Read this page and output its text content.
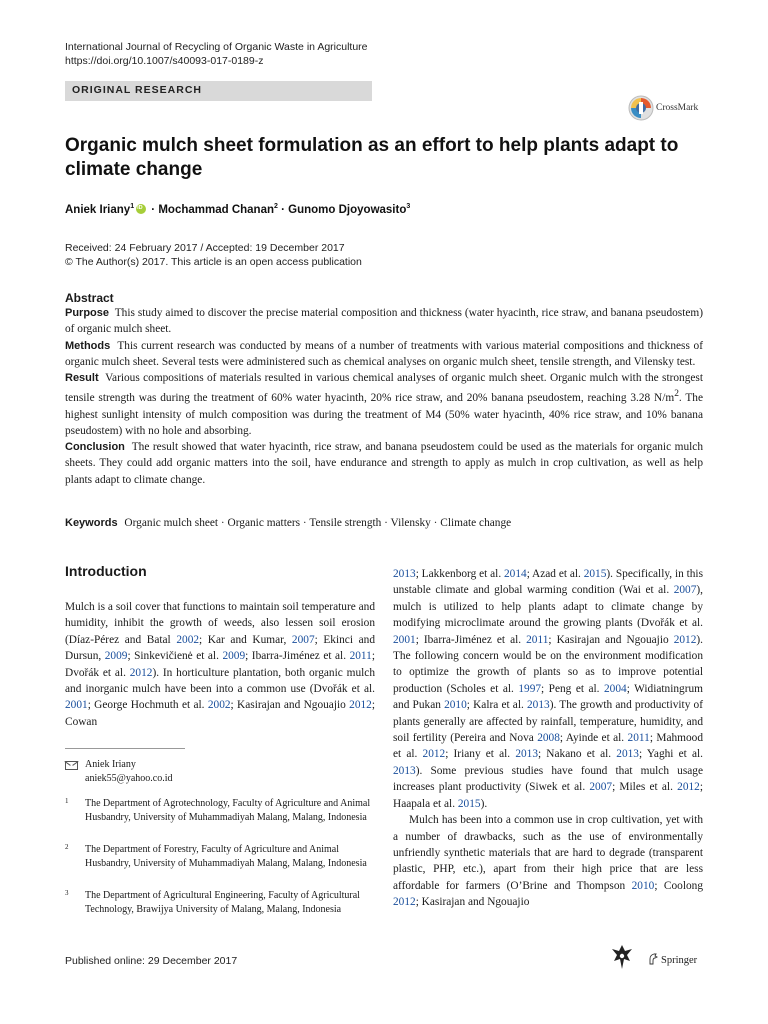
International Journal of Recycling of Organic Waste in Agriculture
https://doi.org/10.1007/s40093-017-0189-z
ORIGINAL RESEARCH
CrossMark
Organic mulch sheet formulation as an effort to help plants adapt to climate change
Aniek Iriany$^1$iD · Mochammad Chanan$^2$ · Gunomo Djoyowasito$^3$
Received: 24 February 2017 / Accepted: 19 December 2017
© The Author(s) 2017. This article is an open access publication
Abstract

Purpose This study aimed to discover the precise material composition and thickness (water hyacinth, rice straw, and banana pseudostem) of organic mulch sheet.

Methods This current research was conducted by means of a number of treatments with various material compositions and thickness of organic mulch sheet. Several tests were administered such as chemical analyses on organic mulch sheet, tensile strength, and Vilensky test.

Result Various compositions of materials resulted in various chemical analyses of organic mulch sheet. Organic mulch with the strongest tensile strength was during the treatment of 60% water hyacinth, 20% rice straw, and 20% banana pseudostem, reaching 3.28 $N/m^2$. The highest sunlight intensity of mulch composition was during the treatment of M4 (50% water hyacinth, 40% rice straw, and 10% banana pseudostem) with no hole and absorbing.

Conclusion The result showed that water hyacinth, rice straw, and banana pseudostem could be used as the materials for organic mulch sheets. They could add organic matters into the soil, have endurance and strength to apply as mulch in crop cultivation, as well as help plants adapt to climate change.

Keywords Organic mulch sheet · Organic matters · Tensile strength · Vilensky · Climate change
Introduction
Mulch is a soil cover that functions to maintain soil temperature and humidity, inhibit the growth of weeds, also lessen soil erosion (Díaz-Pérez and Batal 2002; Kar and Kumar, 2007; Ekinci and Dursun, 2009; Sinkevičienė et al. 2009; Ibarra-Jiménez et al. 2011; Dvořák et al. 2012). In horticulture plantation, both organic mulch and inorganic mulch have been into a common use (Dvořák et al. 2001; George Hochmuth et al. 2002; Kasirajan and Ngouajio 2012; Cowan
Aniek Iriany
aniek55@yahoo.co.id
1 The Department of Agrotechnology, Faculty of Agriculture and Animal Husbandry, University of Muhammadiyah Malang, Malang, Indonesia
2 The Department of Forestry, Faculty of Agriculture and Animal Husbandry, University of Muhammadiyah Malang, Malang, Indonesia
3 The Department of Agricultural Engineering, Faculty of Agricultural Technology, Brawijya University of Malang, Malang, Indonesia

2013; Lakkenborg et al. 2014; Azad et al. 2015). Specifically, in this unstable climate and global warming condition (Wai et al. 2007), mulch is utilized to help plants adapt to climate change by modifying microclimate around the growing plants (Dvořák et al. 2001; Ibarra-Jiménez et al. 2011; Kasirajan and Ngouajio 2012). The following concern would be on the environment modification to optimize the growth of plants so as to improve potential production (Scholes et al. 1997; Peng et al. 2004; Widiatningrum and Pukan 2010; Kalra et al. 2013). The growth and productivity of plants generally are affected by rainfall, temperature, humidity, and soil fertility (Pereira and Nova 2008; Ayinde et al. 2011; Mahmood et al. 2012; Iriany et al. 2013; Nakano et al. 2013; Yaghi et al. 2013). Some previous studies have found that mulch usage increases plant productivity (Siwek et al. 2007; Miles et al. 2012; Haapala et al. 2015).

Mulch has been into a common use in crop cultivation, yet with a number of drawbacks, such as the use of environmentally unfriendly synthetic materials that are hard to degrade (transparent plastic, PHP, etc.), apart from their high price that are less affordable for farmers (O’Brine and Thompson 2010; Coolong 2012; Kasirajan and Ngouajio

Published online: 29 December 2017	Springer
